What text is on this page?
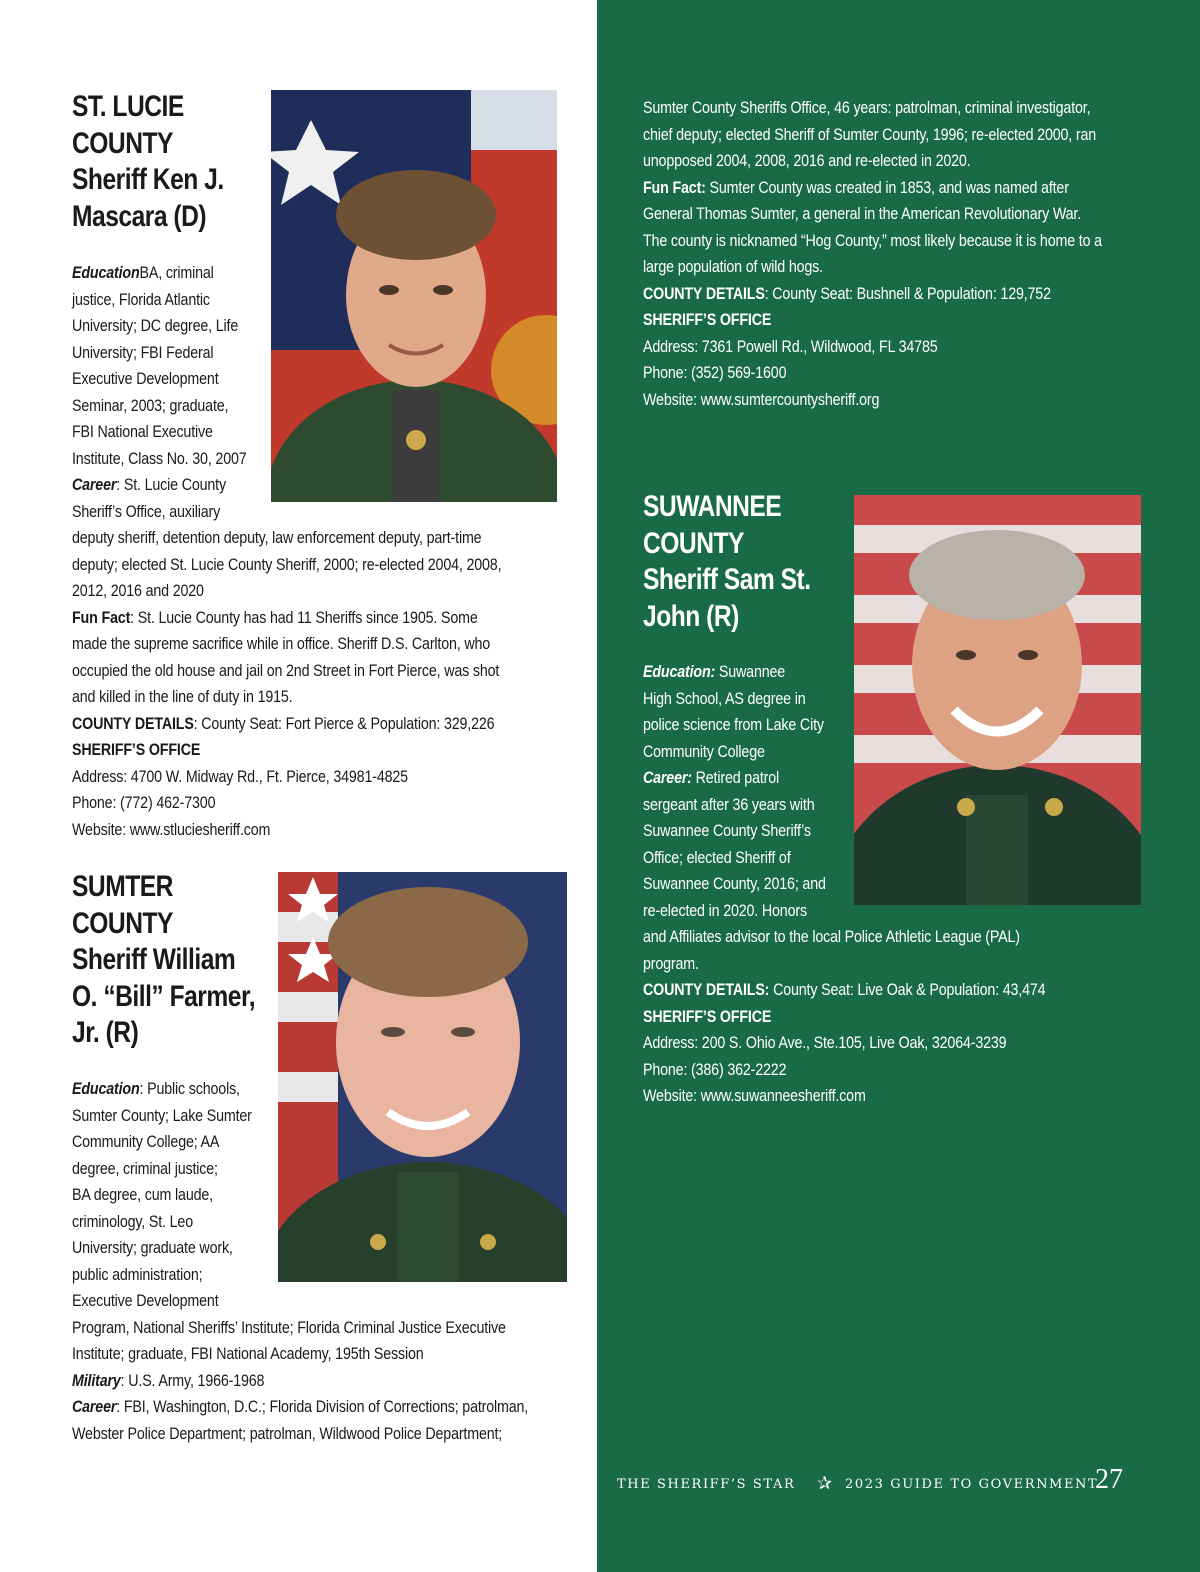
ST. LUCIE
COUNTY
Sheriff Ken J.
Mascara (D)
EducationBA, criminal
justice, Florida Atlantic
University; DC degree, Life
University; FBI Federal
Executive Development
Seminar, 2003; graduate,
FBI National Executive
Institute, Class No. 30, 2007
Career: St. Lucie County
Sheriff’s Office, auxiliary
deputy sheriff, detention deputy, law enforcement deputy, part-time
deputy; elected St. Lucie County Sheriff, 2000; re-elected 2004, 2008,
2012, 2016 and 2020
Fun Fact: St. Lucie County has had 11 Sheriffs since 1905. Some
made the supreme sacrifice while in office. Sheriff D.S. Carlton, who
occupied the old house and jail on 2nd Street in Fort Pierce, was shot
and killed in the line of duty in 1915.
COUNTY DETAILS: County Seat: Fort Pierce & Population: 329,226
SHERIFF’S OFFICE
Address: 4700 W. Midway Rd., Ft. Pierce, 34981-4825
Phone: (772) 462-7300
Website: www.stluciesheriff.com
SUMTER
COUNTY
Sheriff William
O. “Bill” Farmer,
Jr. (R)
Education: Public schools,
Sumter County; Lake Sumter
Community College; AA
degree, criminal justice;
BA degree, cum laude,
criminology, St. Leo
University; graduate work,
public administration;
Executive Development
Program, National Sheriffs’ Institute; Florida Criminal Justice Executive
Institute; graduate, FBI National Academy, 195th Session
Military: U.S. Army, 1966-1968
Career: FBI, Washington, D.C.; Florida Division of Corrections; patrolman,
Webster Police Department; patrolman, Wildwood Police Department;
Sumter County Sheriffs Office, 46 years: patrolman, criminal investigator,
chief deputy; elected Sheriff of Sumter County, 1996; re-elected 2000, ran
unopposed 2004, 2008, 2016 and re-elected in 2020.
Fun Fact: Sumter County was created in 1853, and was named after
General Thomas Sumter, a general in the American Revolutionary War.
The county is nicknamed “Hog County,” most likely because it is home to a
large population of wild hogs.
COUNTY DETAILS: County Seat: Bushnell & Population: 129,752
SHERIFF’S OFFICE
Address: 7361 Powell Rd., Wildwood, FL 34785
Phone: (352) 569-1600
Website: www.sumtercountysheriff.org
SUWANNEE
COUNTY
Sheriff Sam St.
John (R)
Education: Suwannee
High School, AS degree in
police science from Lake City
Community College
Career: Retired patrol
sergeant after 36 years with
Suwannee County Sheriff’s
Office; elected Sheriff of
Suwannee County, 2016; and
re-elected in 2020. Honors
and Affiliates advisor to the local Police Athletic League (PAL)
program.
COUNTY DETAILS: County Seat: Live Oak & Population: 43,474
SHERIFF’S OFFICE
Address: 200 S. Ohio Ave., Ste.105, Live Oak, 32064-3239
Phone: (386) 362-2222
Website: www.suwanneesheriff.com
THE SHERIFF’S STAR ✰ 2023 GUIDE TO GOVERNMENT
27
